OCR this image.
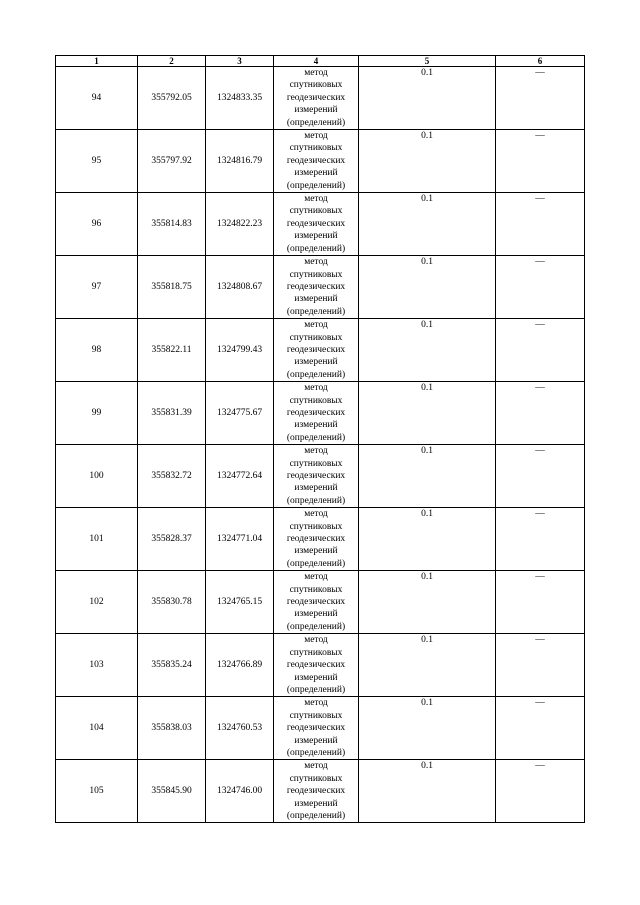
1	2	3	4	5	6
94	355792.05	1324833.35	метод
спутниковых
геодезических
измерений
(определений)	0.1	—
95	355797.92	1324816.79	метод
спутниковых
геодезических
измерений
(определений)	0.1	—
96	355814.83	1324822.23	метод
спутниковых
геодезических
измерений
(определений)	0.1	—
97	355818.75	1324808.67	метод
спутниковых
геодезических
измерений
(определений)	0.1	—
98	355822.11	1324799.43	метод
спутниковых
геодезических
измерений
(определений)	0.1	—
99	355831.39	1324775.67	метод
спутниковых
геодезических
измерений
(определений)	0.1	—
100	355832.72	1324772.64	метод
спутниковых
геодезических
измерений
(определений)	0.1	—
101	355828.37	1324771.04	метод
спутниковых
геодезических
измерений
(определений)	0.1	—
102	355830.78	1324765.15	метод
спутниковых
геодезических
измерений
(определений)	0.1	—
103	355835.24	1324766.89	метод
спутниковых
геодезических
измерений
(определений)	0.1	—
104	355838.03	1324760.53	метод
спутниковых
геодезических
измерений
(определений)	0.1	—
105	355845.90	1324746.00	метод
спутниковых
геодезических
измерений
(определений)	0.1	—
